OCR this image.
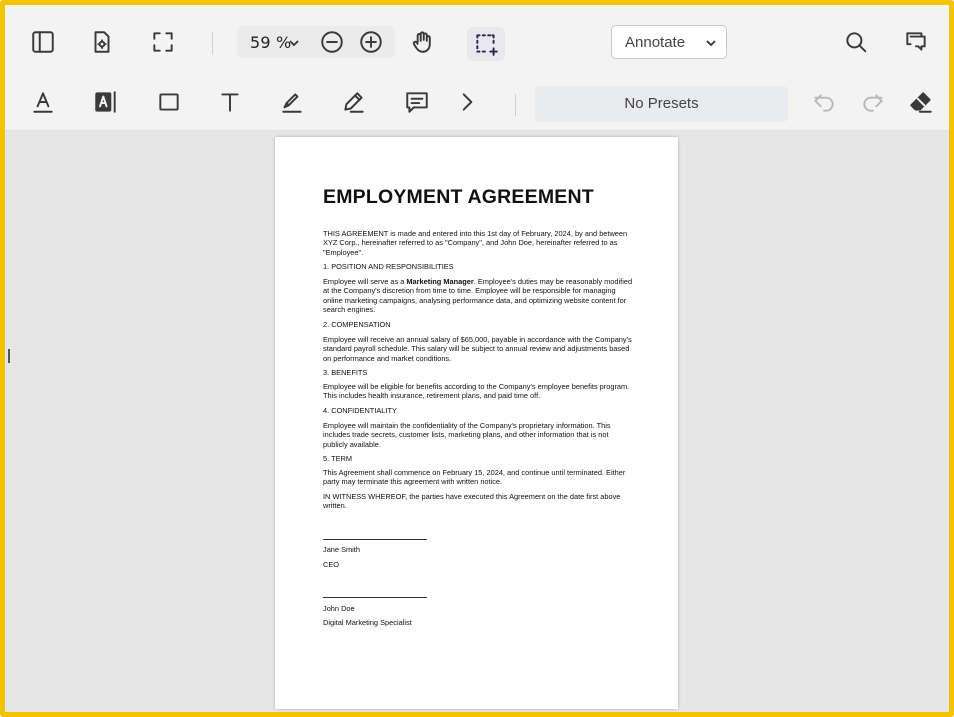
59 %	Annotate
No Presets
EMPLOYMENT AGREEMENT
THIS AGREEMENT is made and entered into this 1st day of February, 2024, by and between XYZ Corp., hereinafter referred to as "Company", and John Doe, hereinafter referred to as "Employee".
1. POSITION AND RESPONSIBILITIES
Employee will serve as a Marketing Manager. Employee's duties may be reasonably modified at the Company's discretion from time to time. Employee will be responsible for managing online marketing campaigns, analysing performance data, and optimizing website content for search engines.
2. COMPENSATION
Employee will receive an annual salary of $65,000, payable in accordance with the Company's standard payroll schedule. This salary will be subject to annual review and adjustments based on performance and market conditions.
3. BENEFITS
Employee will be eligible for benefits according to the Company's employee benefits program. This includes health insurance, retirement plans, and paid time off.
4. CONFIDENTIALITY
Employee will maintain the confidentiality of the Company's proprietary information. This includes trade secrets, customer lists, marketing plans, and other information that is not publicly available.
5. TERM
This Agreement shall commence on February 15, 2024, and continue until terminated. Either party may terminate this agreement with written notice.
IN WITNESS WHEREOF, the parties have executed this Agreement on the date first above written.
Jane Smith
CEO
John Doe
Digital Marketing Specialist
